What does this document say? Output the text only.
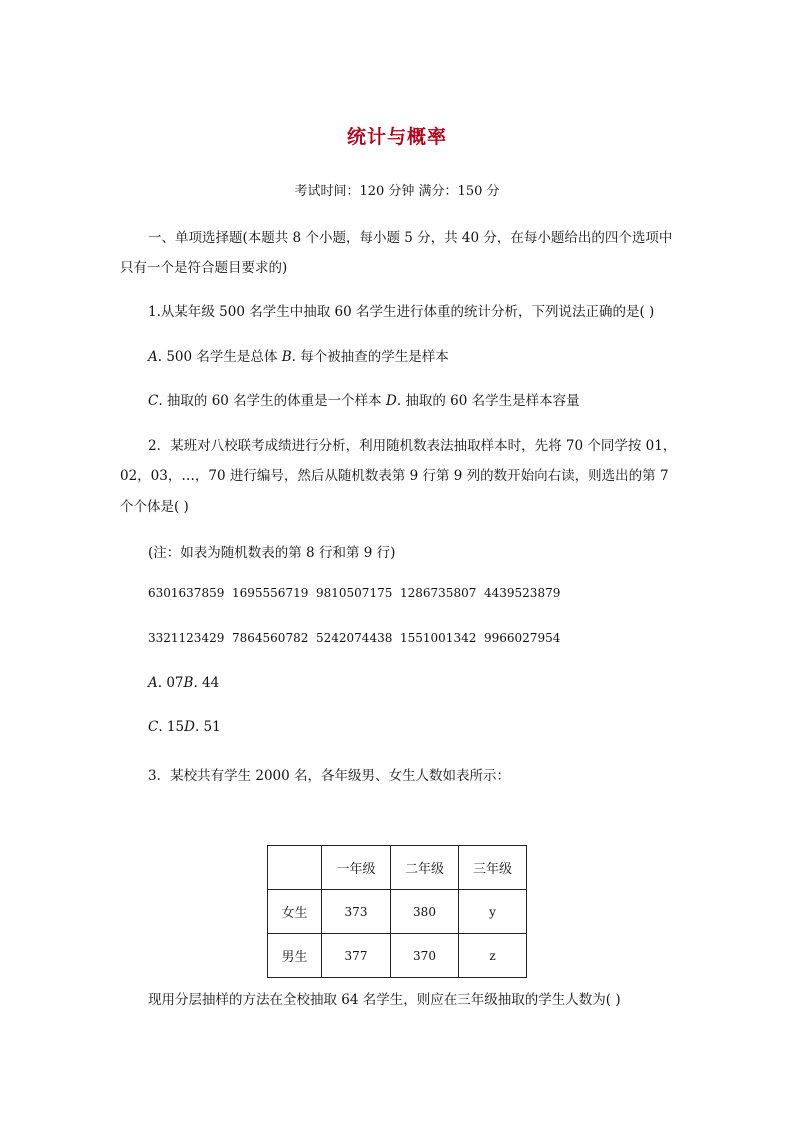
统计与概率
考试时间：120 分钟 满分：150 分
一、单项选择题(本题共 8 个小题，每小题 5 分，共 40 分，在每小题给出的四个选项中
只有一个是符合题目要求的)
1.从某年级 500 名学生中抽取 60 名学生进行体重的统计分析，下列说法正确的是( )
A. 500 名学生是总体 B. 每个被抽查的学生是样本
C. 抽取的 60 名学生的体重是一个样本 D. 抽取的 60 名学生是样本容量
2．某班对八校联考成绩进行分析，利用随机数表法抽取样本时，先将 70 个同学按 01，
02，03，…，70 进行编号，然后从随机数表第 9 行第 9 列的数开始向右读，则选出的第 7
个个体是( )
(注：如表为随机数表的第 8 行和第 9 行)
6301637859 1695556719 9810507175 1286735807 4439523879
3321123429 7864560782 5242074438 1551001342 9966027954
A. 07B. 44
C. 15D. 51
3．某校共有学生 2000 名，各年级男、女生人数如表所示：
	一年级	二年级	三年级
女生	373	380	y
男生	377	370	z
现用分层抽样的方法在全校抽取 64 名学生，则应在三年级抽取的学生人数为( )
